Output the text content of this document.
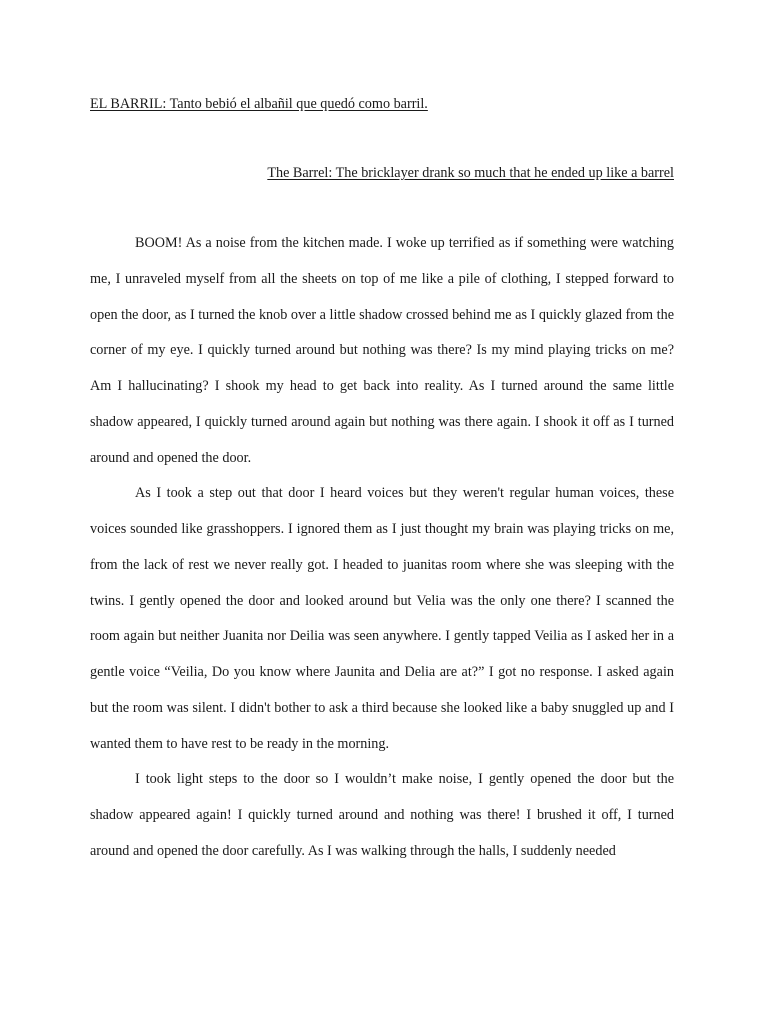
EL BARRIL: Tanto bebió el albañil que quedó como barril.
The Barrel: The bricklayer drank so much that he ended up like a barrel

BOOM! As a noise from the kitchen made. I woke up terrified as if something were watching me, I unraveled myself from all the sheets on top of me like a pile of clothing, I stepped forward to open the door, as I turned the knob over a little shadow crossed behind me as I quickly glazed from the corner of my eye. I quickly turned around but nothing was there? Is my mind playing tricks on me? Am I hallucinating? I shook my head to get back into reality. As I turned around the same little shadow appeared, I quickly turned around again but nothing was there again. I shook it off as I turned around and opened the door.

As I took a step out that door I heard voices but they weren't regular human voices, these voices sounded like grasshoppers. I ignored them as I just thought my brain was playing tricks on me, from the lack of rest we never really got. I headed to juanitas room where she was sleeping with the twins. I gently opened the door and looked around but Velia was the only one there? I scanned the room again but neither Juanita nor Deilia was seen anywhere. I gently tapped Veilia as I asked her in a gentle voice “Veilia, Do you know where Jaunita and Delia are at?” I got no response. I asked again but the room was silent. I didn't bother to ask a third because she looked like a baby snuggled up and I wanted them to have rest to be ready in the morning.

I took light steps to the door so I wouldn’t make noise, I gently opened the door but the shadow appeared again! I quickly turned around and nothing was there! I brushed it off, I turned around and opened the door carefully. As I was walking through the halls, I suddenly needed
